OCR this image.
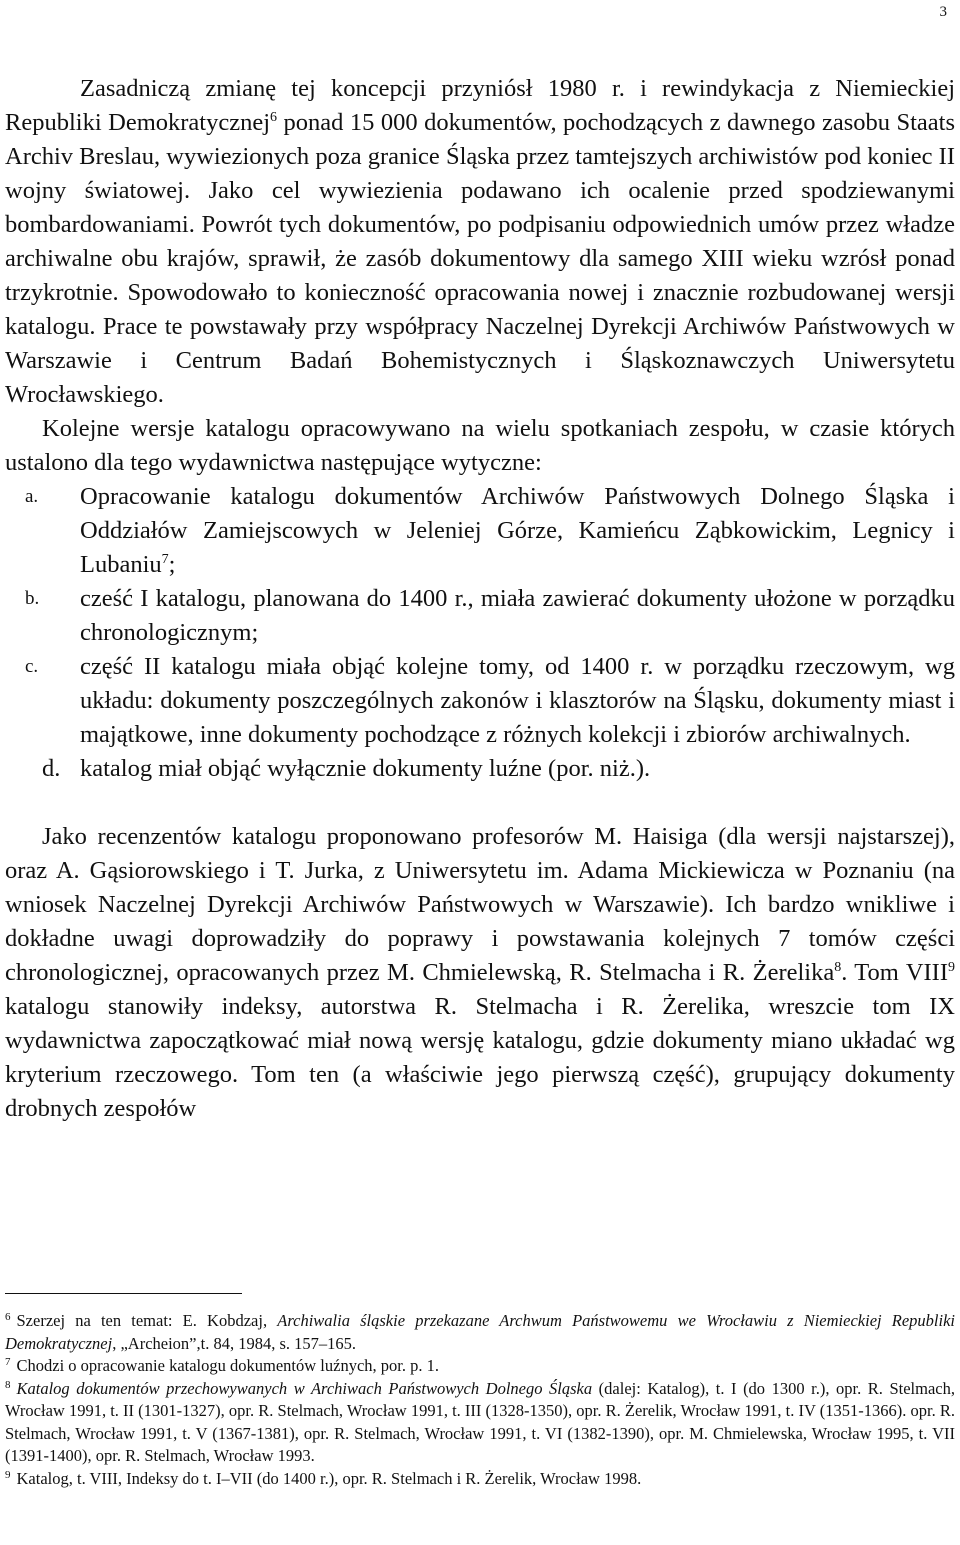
3

Zasadniczą zmianę tej koncepcji przyniósł 1980 r. i rewindykacja z Niemieckiej Republiki Demokratycznej$^6$ ponad 15 000 dokumentów, pochodzących z dawnego zasobu Staats Archiv Breslau, wywiezionych poza granice Śląska przez tamtejszych archiwistów pod koniec II wojny światowej. Jako cel wywiezienia podawano ich ocalenie przed spodziewanymi bombardowaniami. Powrót tych dokumentów, po podpisaniu odpowiednich umów przez władze archiwalne obu krajów, sprawił, że zasób dokumentowy dla samego XIII wieku wzrósł ponad trzykrotnie. Spowodowało to konieczność opracowania nowej i znacznie rozbudowanej wersji katalogu. Prace te powstawały przy współpracy Naczelnej Dyrekcji Archiwów Państwowych w Warszawie i Centrum Badań Bohemistycznych i Śląskoznawczych Uniwersytetu Wrocławskiego.

Kolejne wersje katalogu opracowywano na wielu spotkaniach zespołu, w czasie których ustalono dla tego wydawnictwa następujące wytyczne:

a. Opracowanie katalogu dokumentów Archiwów Państwowych Dolnego Śląska i Oddziałów Zamiejscowych w Jeleniej Górze, Kamieńcu Ząbkowickim, Legnicy i Lubaniu$^7$;
b. cześć I katalogu, planowana do 1400 r., miała zawierać dokumenty ułożone w porządku chronologicznym;
c. część II katalogu miała objąć kolejne tomy, od 1400 r. w porządku rzeczowym, wg układu: dokumenty poszczególnych zakonów i klasztorów na Śląsku, dokumenty miast i majątkowe, inne dokumenty pochodzące z różnych kolekcji i zbiorów archiwalnych.
d. katalog miał objąć wyłącznie dokumenty luźne (por. niż.).

Jako recenzentów katalogu proponowano profesorów M. Haisiga (dla wersji najstarszej), oraz A. Gąsiorowskiego i T. Jurka, z Uniwersytetu im. Adama Mickiewicza w Poznaniu (na wniosek Naczelnej Dyrekcji Archiwów Państwowych w Warszawie). Ich bardzo wnikliwe i dokładne uwagi doprowadziły do poprawy i powstawania kolejnych 7 tomów części chronologicznej, opracowanych przez M. Chmielewską, R. Stelmacha i R. Żerelika$^8$. Tom VIII$^9$ katalogu stanowiły indeksy, autorstwa R. Stelmacha i R. Żerelika, wreszcie tom IX wydawnictwa zapoczątkować miał nową wersję katalogu, gdzie dokumenty miano układać wg kryterium rzeczowego. Tom ten (a właściwie jego pierwszą część), grupujący dokumenty drobnych zespołów

$^6$ Szerzej na ten temat: E. Kobdzaj, Archiwalia śląskie przekazane Archwum Państwowemu we Wrocławiu z Niemieckiej Republiki Demokratycznej, „Archeion”,t. 84, 1984, s. 157–165.

$^7$ Chodzi o opracowanie katalogu dokumentów luźnych, por. p. 1.

$^8$ Katalog dokumentów przechowywanych w Archiwach Państwowych Dolnego Śląska (dalej: Katalog), t. I (do 1300 r.), opr. R. Stelmach, Wrocław 1991, t. II (1301-1327), opr. R. Stelmach, Wrocław 1991, t. III (1328-1350), opr. R. Żerelik, Wrocław 1991, t. IV (1351-1366). opr. R. Stelmach, Wrocław 1991, t. V (1367-1381), opr. R. Stelmach, Wrocław 1991, t. VI (1382-1390), opr. M. Chmielewska, Wrocław 1995, t. VII (1391-1400), opr. R. Stelmach, Wrocław 1993.

$^9$ Katalog, t. VIII, Indeksy do t. I–VII (do 1400 r.), opr. R. Stelmach i R. Żerelik, Wrocław 1998.
